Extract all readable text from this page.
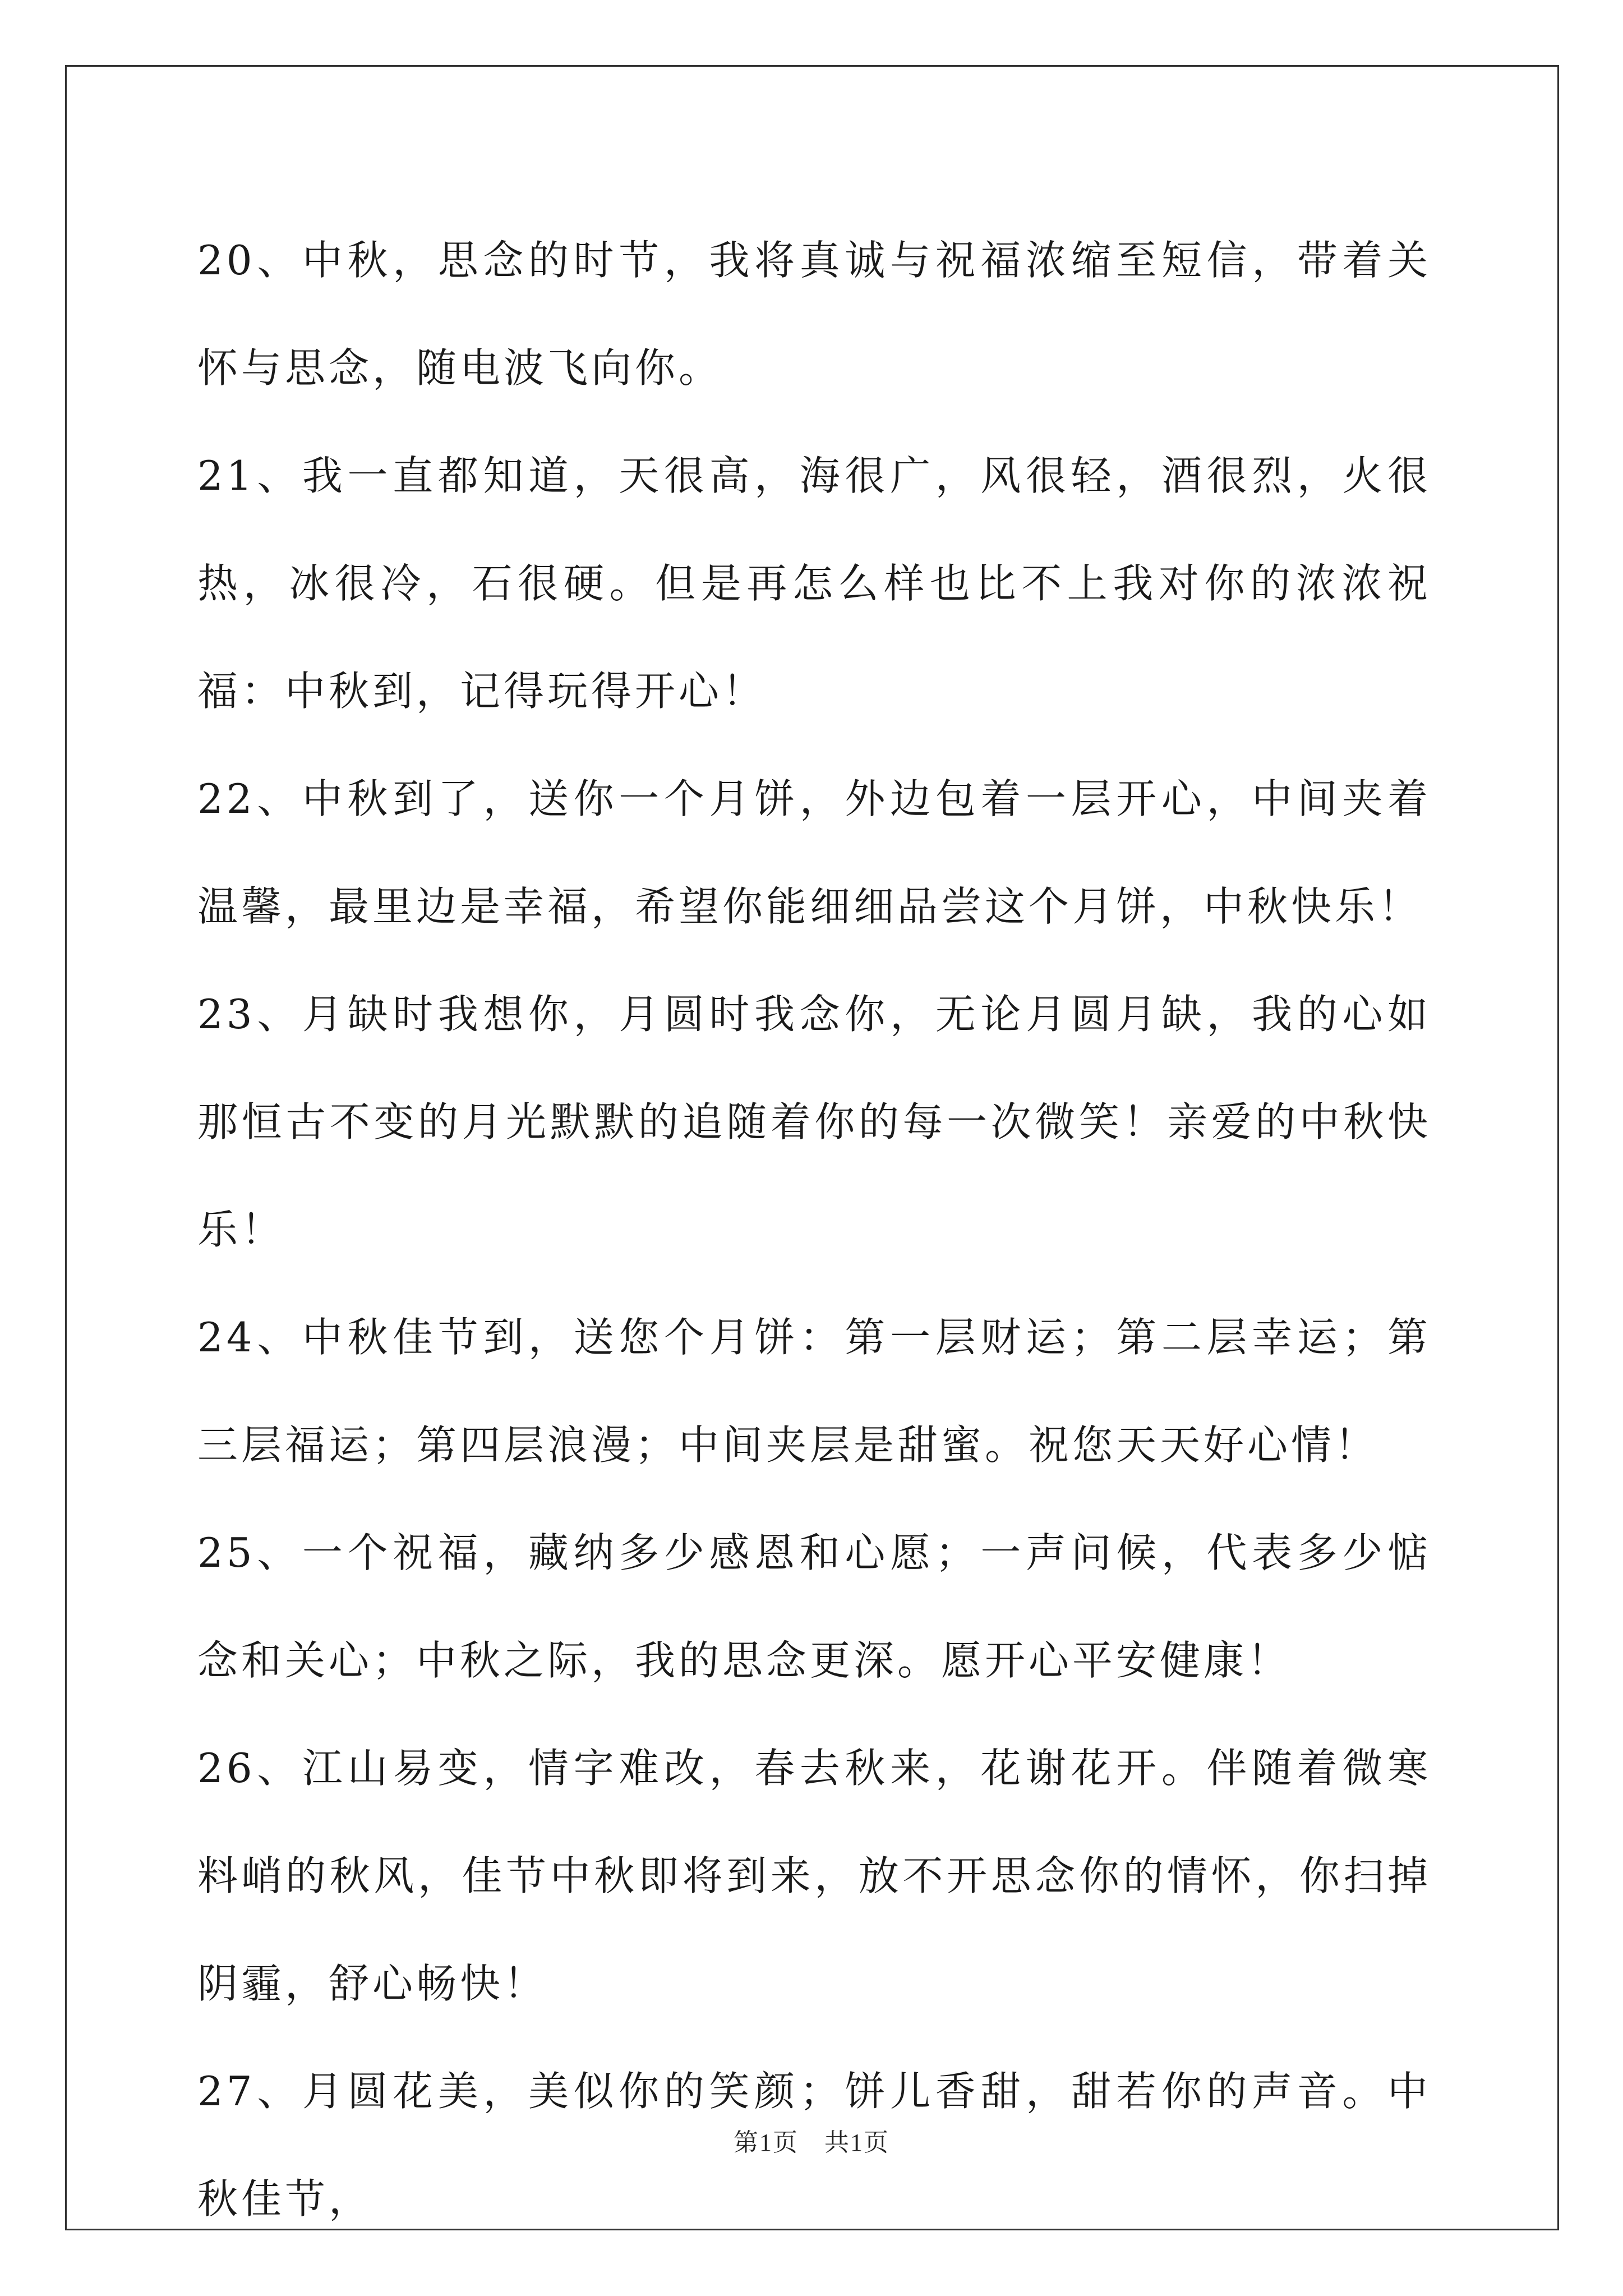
20、中秋，思念的时节，我将真诚与祝福浓缩至短信，带着关怀与思念，随电波飞向你。

21、我一直都知道，天很高，海很广，风很轻，酒很烈，火很热，冰很冷，石很硬。但是再怎么样也比不上我对你的浓浓祝福：中秋到，记得玩得开心！

22、中秋到了，送你一个月饼，外边包着一层开心，中间夹着温馨，最里边是幸福，希望你能细细品尝这个月饼，中秋快乐！

23、月缺时我想你，月圆时我念你，无论月圆月缺，我的心如那恒古不变的月光默默的追随着你的每一次微笑！亲爱的中秋快乐！

24、中秋佳节到，送您个月饼：第一层财运；第二层幸运；第三层福运；第四层浪漫；中间夹层是甜蜜。祝您天天好心情！

25、一个祝福，藏纳多少感恩和心愿；一声问候，代表多少惦念和关心；中秋之际，我的思念更深。愿开心平安健康！

26、江山易变，情字难改，春去秋来，花谢花开。伴随着微寒料峭的秋风，佳节中秋即将到来，放不开思念你的情怀，你扫掉阴霾，舒心畅快！

27、月圆花美，美似你的笑颜；饼儿香甜，甜若你的声音。中秋佳节，

第1页　共1页
